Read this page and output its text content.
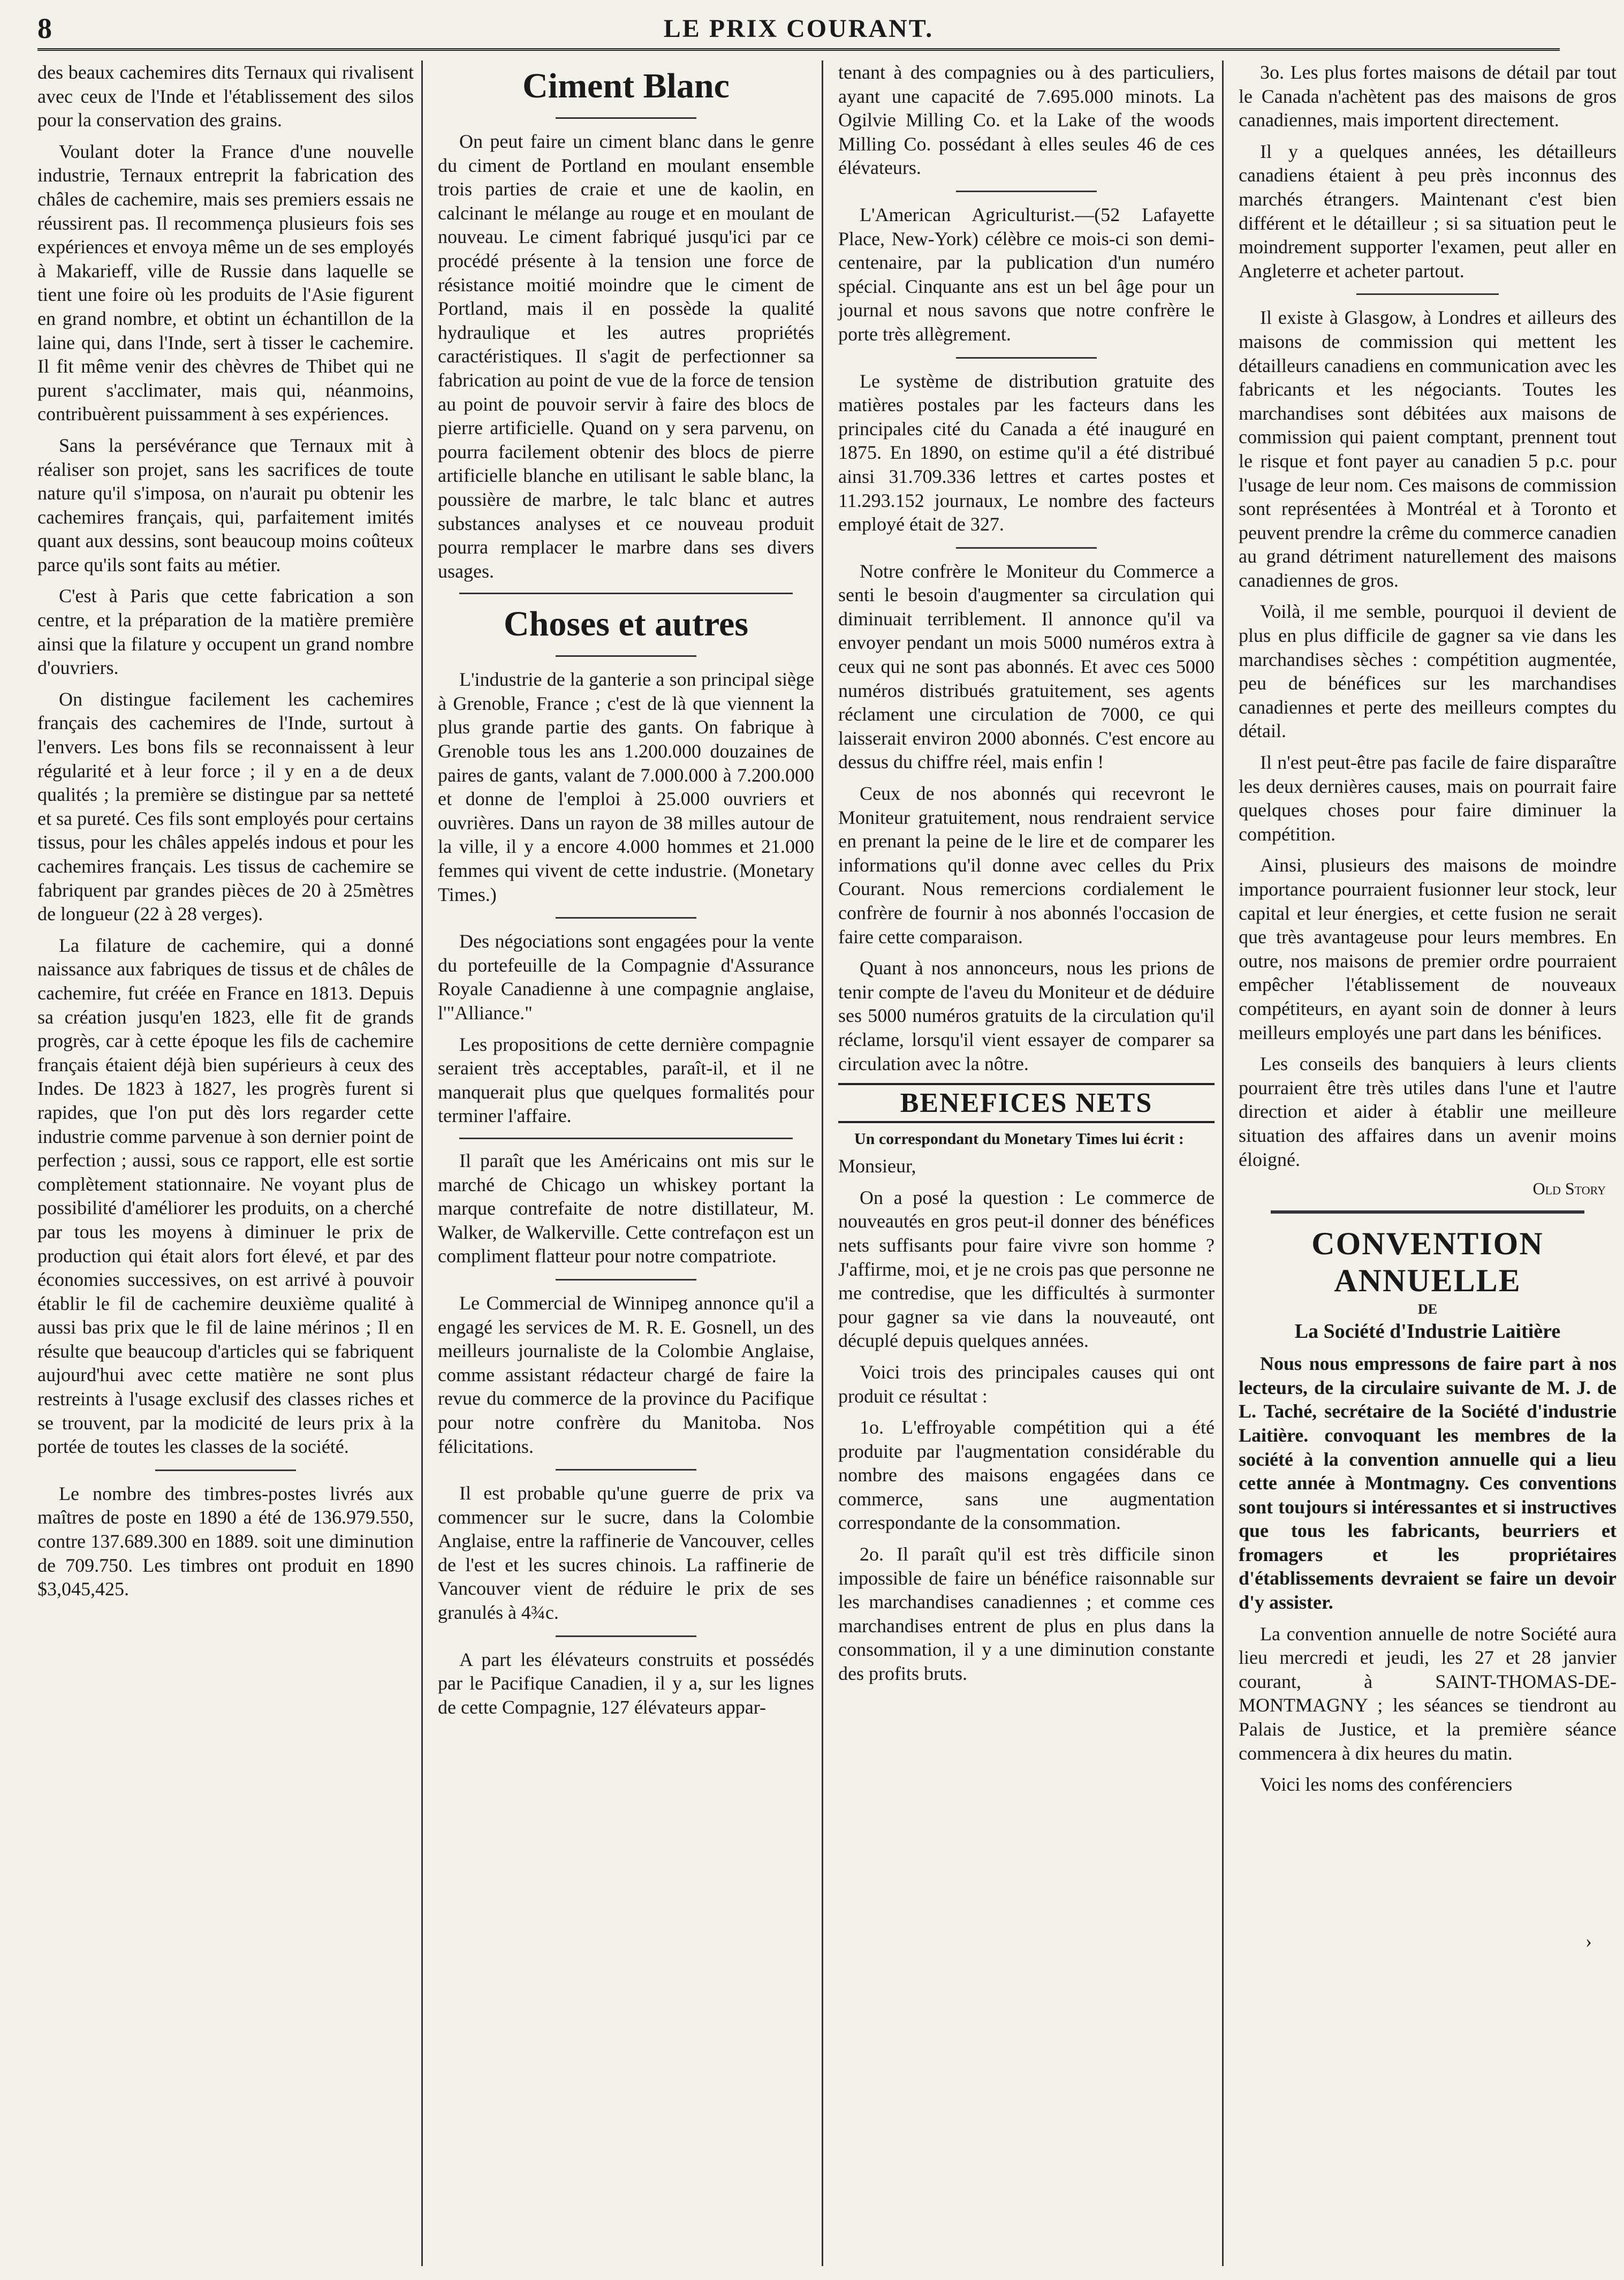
8	LE PRIX COURANT.

des beaux cachemires dits Ternaux qui rivalisent avec ceux de l'Inde et l'établissement des silos pour la conservation des grains.

Voulant doter la France d'une nouvelle industrie, Ternaux entreprit la fabrication des châles de cachemire, mais ses premiers essais ne réussirent pas. Il recommença plusieurs fois ses expériences et envoya même un de ses employés à Makarieff, ville de Russie dans laquelle se tient une foire où les produits de l'Asie figurent en grand nombre, et obtint un échantillon de la laine qui, dans l'Inde, sert à tisser le cachemire. Il fit même venir des chèvres de Thibet qui ne purent s'acclimater, mais qui, néanmoins, contribuèrent puissamment à ses expériences.

Sans la persévérance que Ternaux mit à réaliser son projet, sans les sacrifices de toute nature qu'il s'imposa, on n'aurait pu obtenir les cachemires français, qui, parfaitement imités quant aux dessins, sont beaucoup moins coûteux parce qu'ils sont faits au métier.

C'est à Paris que cette fabrication a son centre, et la préparation de la matière première ainsi que la filature y occupent un grand nombre d'ouvriers.

On distingue facilement les cachemires français des cachemires de l'Inde, surtout à l'envers. Les bons fils se reconnaissent à leur régularité et à leur force ; il y en a de deux qualités ; la première se distingue par sa netteté et sa pureté. Ces fils sont employés pour certains tissus, pour les châles appelés indous et pour les cachemires français. Les tissus de cachemire se fabriquent par grandes pièces de 20 à 25mètres de longueur (22 à 28 verges).

La filature de cachemire, qui a donné naissance aux fabriques de tissus et de châles de cachemire, fut créée en France en 1813. Depuis sa création jusqu'en 1823, elle fit de grands progrès, car à cette époque les fils de cachemire français étaient déjà bien supérieurs à ceux des Indes. De 1823 à 1827, les progrès furent si rapides, que l'on put dès lors regarder cette industrie comme parvenue à son dernier point de perfection ; aussi, sous ce rapport, elle est sortie complètement stationnaire. Ne voyant plus de possibilité d'améliorer les produits, on a cherché par tous les moyens à diminuer le prix de production qui était alors fort élevé, et par des économies successives, on est arrivé à pouvoir établir le fil de cachemire deuxième qualité à aussi bas prix que le fil de laine mérinos ; Il en résulte que beaucoup d'articles qui se fabriquent aujourd'hui avec cette matière ne sont plus restreints à l'usage exclusif des classes riches et se trouvent, par la modicité de leurs prix à la portée de toutes les classes de la société.

Le nombre des timbres-postes livrés aux maîtres de poste en 1890 a été de 136.979.550, contre 137.689.300 en 1889. soit une diminution de 709.750. Les timbres ont produit en 1890 $3,045,425.

Ciment Blanc

On peut faire un ciment blanc dans le genre du ciment de Portland en moulant ensemble trois parties de craie et une de kaolin, en calcinant le mélange au rouge et en moulant de nouveau. Le ciment fabriqué jusqu'ici par ce procédé présente à la tension une force de résistance moitié moindre que le ciment de Portland, mais il en possède la qualité hydraulique et les autres propriétés caractéristiques. Il s'agit de perfectionner sa fabrication au point de vue de la force de tension au point de pouvoir servir à faire des blocs de pierre artificielle. Quand on y sera parvenu, on pourra facilement obtenir des blocs de pierre artificielle blanche en utilisant le sable blanc, la poussière de marbre, le talc blanc et autres substances analyses et ce nouveau produit pourra remplacer le marbre dans ses divers usages.

Choses et autres

L'industrie de la ganterie a son principal siège à Grenoble, France ; c'est de là que viennent la plus grande partie des gants. On fabrique à Grenoble tous les ans 1.200.000 douzaines de paires de gants, valant de 7.000.000 à 7.200.000 et donne de l'emploi à 25.000 ouvriers et ouvrières. Dans un rayon de 38 milles autour de la ville, il y a encore 4.000 hommes et 21.000 femmes qui vivent de cette industrie. (Monetary Times.)

Des négociations sont engagées pour la vente du portefeuille de la Compagnie d'Assurance Royale Canadienne à une compagnie anglaise, l'"Alliance."

Les propositions de cette dernière compagnie seraient très acceptables, paraît-il, et il ne manquerait plus que quelques formalités pour terminer l'affaire.

Il paraît que les Américains ont mis sur le marché de Chicago un whiskey portant la marque contrefaite de notre distillateur, M. Walker, de Walkerville. Cette contrefaçon est un compliment flatteur pour notre compatriote.

Le Commercial de Winnipeg annonce qu'il a engagé les services de M. R. E. Gosnell, un des meilleurs journaliste de la Colombie Anglaise, comme assistant rédacteur chargé de faire la revue du commerce de la province du Pacifique pour notre confrère du Manitoba. Nos félicitations.

Il est probable qu'une guerre de prix va commencer sur le sucre, dans la Colombie Anglaise, entre la raffinerie de Vancouver, celles de l'est et les sucres chinois. La raffinerie de Vancouver vient de réduire le prix de ses granulés à 4¾c.

A part les élévateurs construits et possédés par le Pacifique Canadien, il y a, sur les lignes de cette Compagnie, 127 élévateurs appar-

tenant à des compagnies ou à des particuliers, ayant une capacité de 7.695.000 minots. La Ogilvie Milling Co. et la Lake of the woods Milling Co. possédant à elles seules 46 de ces élévateurs.

L'American Agriculturist.—(52 Lafayette Place, New-York) célèbre ce mois-ci son demi-centenaire, par la publication d'un numéro spécial. Cinquante ans est un bel âge pour un journal et nous savons que notre confrère le porte très allègrement.

Le système de distribution gratuite des matières postales par les facteurs dans les principales cité du Canada a été inauguré en 1875. En 1890, on estime qu'il a été distribué ainsi 31.709.336 lettres et cartes postes et 11.293.152 journaux, Le nombre des facteurs employé était de 327.

Notre confrère le Moniteur du Commerce a senti le besoin d'augmenter sa circulation qui diminuait terriblement. Il annonce qu'il va envoyer pendant un mois 5000 numéros extra à ceux qui ne sont pas abonnés. Et avec ces 5000 numéros distribués gratuitement, ses agents réclament une circulation de 7000, ce qui laisserait environ 2000 abonnés. C'est encore au dessus du chiffre réel, mais enfin !

Ceux de nos abonnés qui recevront le Moniteur gratuitement, nous rendraient service en prenant la peine de le lire et de comparer les informations qu'il donne avec celles du Prix Courant. Nous remercions cordialement le confrère de fournir à nos abonnés l'occasion de faire cette comparaison.

Quant à nos annonceurs, nous les prions de tenir compte de l'aveu du Moniteur et de déduire ses 5000 numéros gratuits de la circulation qu'il réclame, lorsqu'il vient essayer de comparer sa circulation avec la nôtre.

BENEFICES NETS
Un correspondant du Monetary Times lui écrit :

Monsieur,

On a posé la question : Le commerce de nouveautés en gros peut-il donner des bénéfices nets suffisants pour faire vivre son homme ? J'affirme, moi, et je ne crois pas que personne ne me contredise, que les difficultés à surmonter pour gagner sa vie dans la nouveauté, ont décuplé depuis quelques années.

Voici trois des principales causes qui ont produit ce résultat :

1o. L'effroyable compétition qui a été produite par l'augmentation considérable du nombre des maisons engagées dans ce commerce, sans une augmentation correspondante de la consommation.

2o. Il paraît qu'il est très difficile sinon impossible de faire un bénéfice raisonnable sur les marchandises canadiennes ; et comme ces marchandises entrent de plus en plus dans la consommation, il y a une diminution constante des profits bruts.

3o. Les plus fortes maisons de détail par tout le Canada n'achètent pas des maisons de gros canadiennes, mais importent directement.

Il y a quelques années, les détailleurs canadiens étaient à peu près inconnus des marchés étrangers. Maintenant c'est bien différent et le détailleur ; si sa situation peut le moindrement supporter l'examen, peut aller en Angleterre et acheter partout.

Il existe à Glasgow, à Londres et ailleurs des maisons de commission qui mettent les détailleurs canadiens en communication avec les fabricants et les négociants. Toutes les marchandises sont débitées aux maisons de commission qui paient comptant, prennent tout le risque et font payer au canadien 5 p.c. pour l'usage de leur nom. Ces maisons de commission sont représentées à Montréal et à Toronto et peuvent prendre la crême du commerce canadien au grand détriment naturellement des maisons canadiennes de gros.

Voilà, il me semble, pourquoi il devient de plus en plus difficile de gagner sa vie dans les marchandises sèches : compétition augmentée, peu de bénéfices sur les marchandises canadiennes et perte des meilleurs comptes du détail.

Il n'est peut-être pas facile de faire disparaître les deux dernières causes, mais on pourrait faire quelques choses pour faire diminuer la compétition.

Ainsi, plusieurs des maisons de moindre importance pourraient fusionner leur stock, leur capital et leur énergies, et cette fusion ne serait que très avantageuse pour leurs membres. En outre, nos maisons de premier ordre pourraient empêcher l'établissement de nouveaux compétiteurs, en ayant soin de donner à leurs meilleurs employés une part dans les bénifices.

Les conseils des banquiers à leurs clients pourraient être très utiles dans l'une et l'autre direction et aider à établir une meilleure situation des affaires dans un avenir moins éloigné.

Old Story
CONVENTION ANNUELLE
DE
La Société d'Industrie Laitière

Nous nous empressons de faire part à nos lecteurs, de la circulaire suivante de M. J. de L. Taché, secrétaire de la Société d'industrie Laitière. convoquant les membres de la société à la convention annuelle qui a lieu cette année à Montmagny. Ces conventions sont toujours si intéressantes et si instructives que tous les fabricants, beurriers et fromagers et les propriétaires d'établissements devraient se faire un devoir d'y assister.

La convention annuelle de notre Société aura lieu mercredi et jeudi, les 27 et 28 janvier courant, à SAINT-THOMAS-DE-MONTMAGNY ; les séances se tiendront au Palais de Justice, et la première séance commencera à dix heures du matin.

Voici les noms des conférenciers

›
